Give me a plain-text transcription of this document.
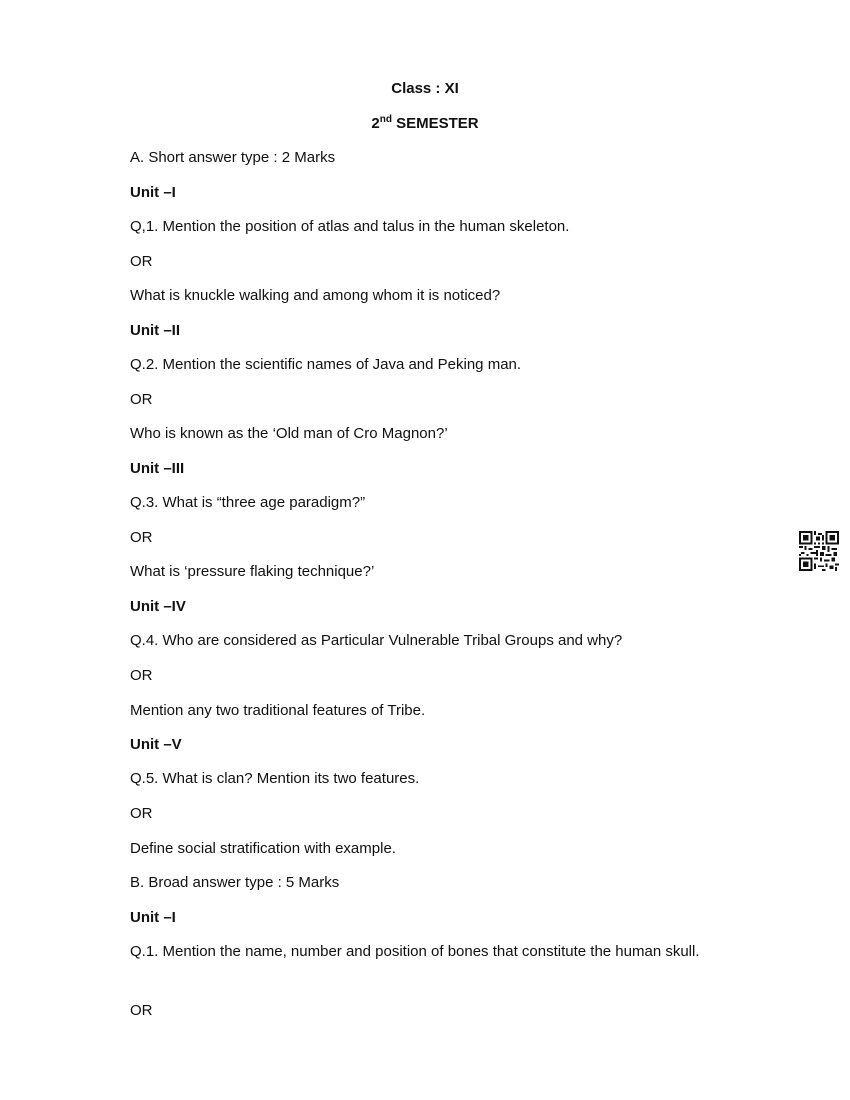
Class : XI
2nd SEMESTER
A. Short answer type : 2 Marks
Unit –I
Q,1. Mention the position of atlas and talus in the human skeleton.
OR
What is knuckle walking and among whom it is noticed?
Unit –II
Q.2. Mention the scientific names of Java and Peking man.
OR
Who is known as the ‘Old man of Cro Magnon?’
Unit –III
Q.3. What is “three age paradigm?”
OR
What is ‘pressure flaking technique?’
Unit –IV
Q.4. Who are considered as Particular Vulnerable Tribal Groups and why?
OR
Mention any two traditional features of Tribe.
Unit –V
Q.5. What is clan? Mention its two features.
OR
Define social stratification with example.
B. Broad answer type : 5 Marks
Unit –I
Q.1. Mention the name, number and position of bones that constitute the human skull.
OR
